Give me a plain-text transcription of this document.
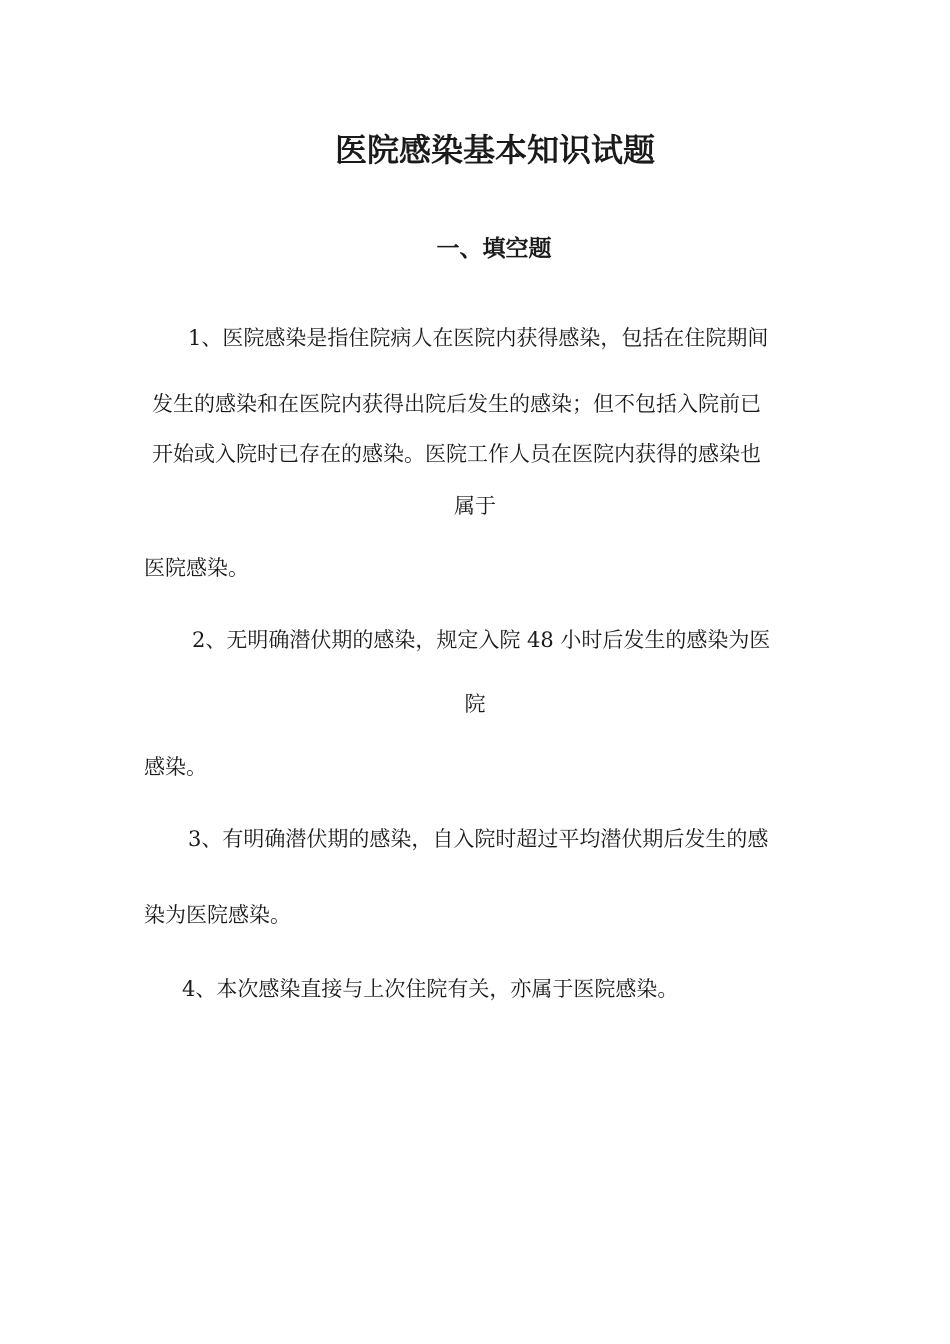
医院感染基本知识试题
一、填空题
1、医院感染是指住院病人在医院内获得感染，包括在住院期间
发生的感染和在医院内获得出院后发生的感染；但不包括入院前已
开始或入院时已存在的感染。医院工作人员在医院内获得的感染也
属于
医院感染。
2、无明确潜伏期的感染，规定入院 48 小时后发生的感染为医
院
感染。
3、有明确潜伏期的感染，自入院时超过平均潜伏期后发生的感
染为医院感染。
4、本次感染直接与上次住院有关，亦属于医院感染。
